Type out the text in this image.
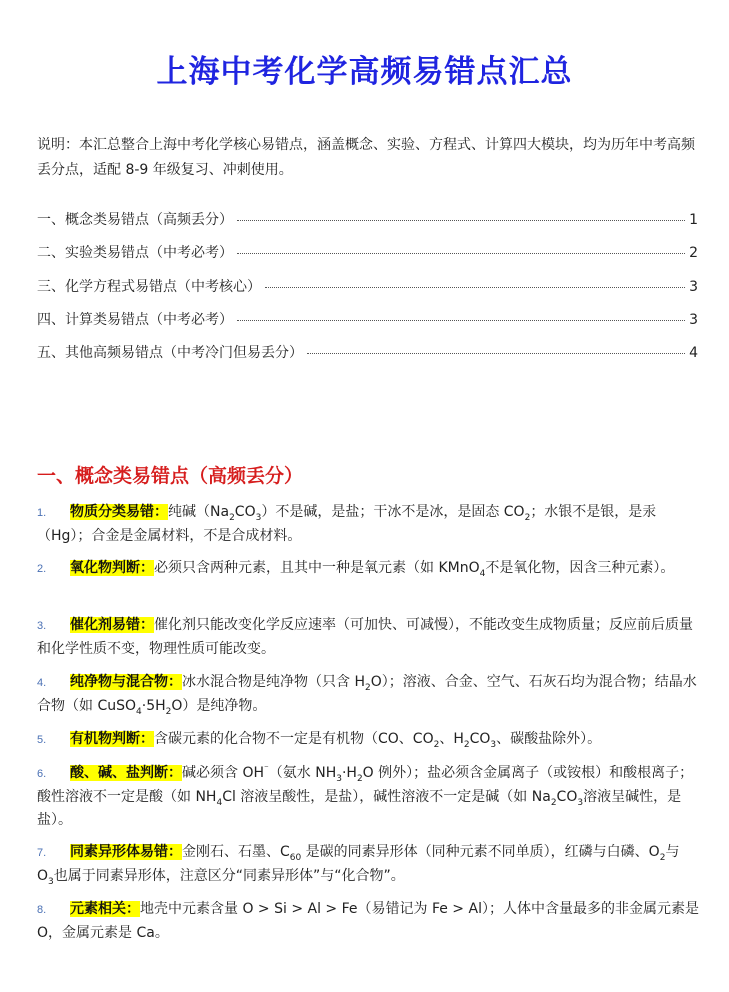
上海中考化学高频易错点汇总

说明：本汇总整合上海中考化学核心易错点，涵盖概念、实验、方程式、计算四大模块，均为历年中考高频丢分点，适配 8-9 年级复习、冲刺使用。

一、概念类易错点（高频丢分）	1
二、实验类易错点（中考必考）	2
三、化学方程式易错点（中考核心）	3
四、计算类易错点（中考必考）	3
五、其他高频易错点（中考冷门但易丢分）	4
一、概念类易错点（高频丢分）
1. 物质分类易错：纯碱$(Na_2CO_3)$不是碱，是盐；干冰不是冰，是固态 $CO_2$；水银不是银，是汞（Hg）；合金是金属材料，不是合成材料。
2. 氧化物判断：必须只含两种元素，且其中一种是氧元素（如 KMnO$_4$不是氧化物，因含三种元素）。
3. 催化剂易错：催化剂只能改变化学反应速率（可加快、可减慢），不能改变生成物质量；反应前后质量和化学性质不变，物理性质可能改变。
4. 纯净物与混合物：冰水混合物是纯净物（只含 $H_2O$）；溶液、合金、空气、石灰石均为混合物；结晶水合物（如 $CuSO_4\cdot 5H_2O$）是纯净物。
5. 有机物判断：含碳元素的化合物不一定是有机物（CO、$CO_2$、$H_2CO_3$、碳酸盐除外）。
6. 酸、碱、盐判断：碱必须含 OH⁻（氨水 $NH_3\cdot H_2O$ 例外）；盐必须含金属离子（或铵根）和酸根离子；酸性溶液不一定是酸（如 $NH_4Cl$ 溶液呈酸性，是盐），碱性溶液不一定是碱（如 $Na_2CO_3$溶液呈碱性，是盐）。
7. 同素异形体易错：金刚石、石墨、$C_{60}$ 是碳的同素异形体（同种元素不同单质），红磷与白磷、$O_2$与 $O_3$也属于同素异形体，注意区分“同素异形体”与“化合物”。
8. 元素相关：地壳中元素含量 O > Si > Al > Fe（易错记为 Fe > Al）；人体中含量最多的非金属元素是 O，金属元素是 Ca。
